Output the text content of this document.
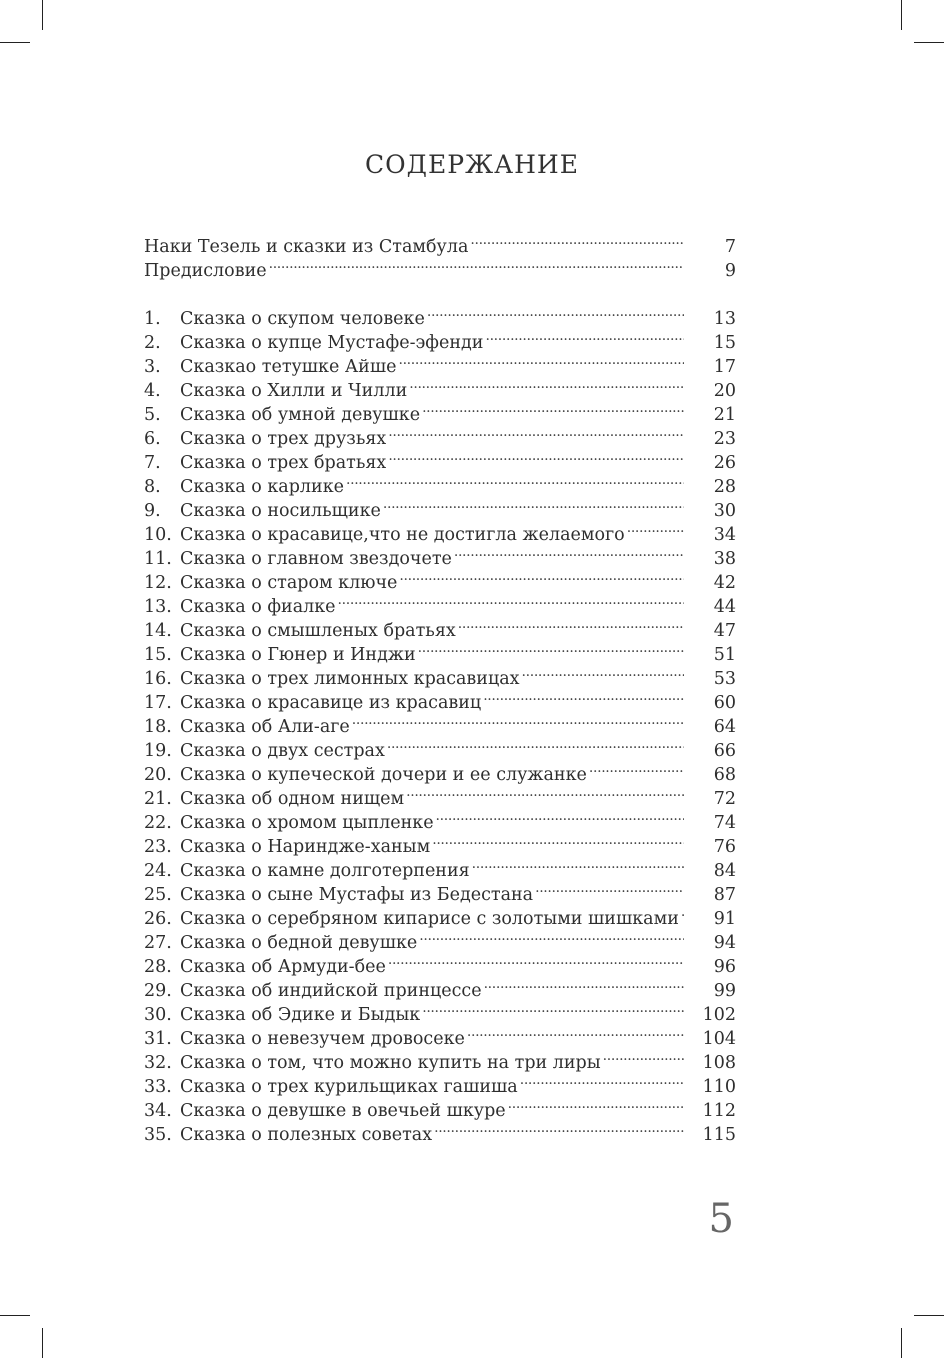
СОДЕРЖАНИЕ
Наки Тезель и сказки из Стамбула . . .	7
Предисловие . . .	9
1.	Сказка о скупом человеке . . .	13
2.	Сказка о купце Мустафе-эфенди . . .	15
3.	Сказкао тетушке Айше . . .	17
4.	Сказка о Хилли и Чилли . . .	20
5.	Сказка об умной девушке . . .	21
6.	Сказка о трех друзьях . . .	23
7.	Сказка о трех братьях . . .	26
8.	Сказка о карлике . . .	28
9.	Сказка о носильщике . . .	30
10. Сказка о красавице,что не достигла желаемого . . .	34
11. Сказка о главном звездочете . . .	38
12. Сказка о старом ключе . . .	42
13. Сказка о фиалке . . .	44
14. Сказка о смышленых братьях . . .	47
15. Сказка о Гюнер и Инджи . . .	51
16. Сказка о трех лимонных красавицах . . .	53
17. Сказка о красавице из красавиц . . .	60
18. Сказка об Али-аге . . .	64
19. Сказка о двух сестрах . . .	66
20. Сказка о купеческой дочери и ее служанке . . .	68
21. Сказка об одном нищем . . .	72
22. Сказка о хромом цыпленке . . .	74
23. Сказка о Нариндже-ханым . . .	76
24. Сказка о камне долготерпения . . .	84
25. Сказка о сыне Мустафы из Бедестана . . .	87
26. Сказка о серебряном кипарисе с золотыми шишками . . .	91
27. Сказка о бедной девушке . . .	94
28. Сказка об Армуди-бее . . .	96
29. Сказка об индийской принцессе . . .	99
30. Сказка об Эдике и Быдык . . .	102
31. Сказка о невезучем дровосеке . . .	104
32. Сказка о том, что можно купить на три лиры . . .	108
33. Сказка о трех курильщиках гашиша . . .	110
34. Сказка о девушке в овечьей шкуре . . .	112
35. Сказка о полезных советах . . .	115
5
